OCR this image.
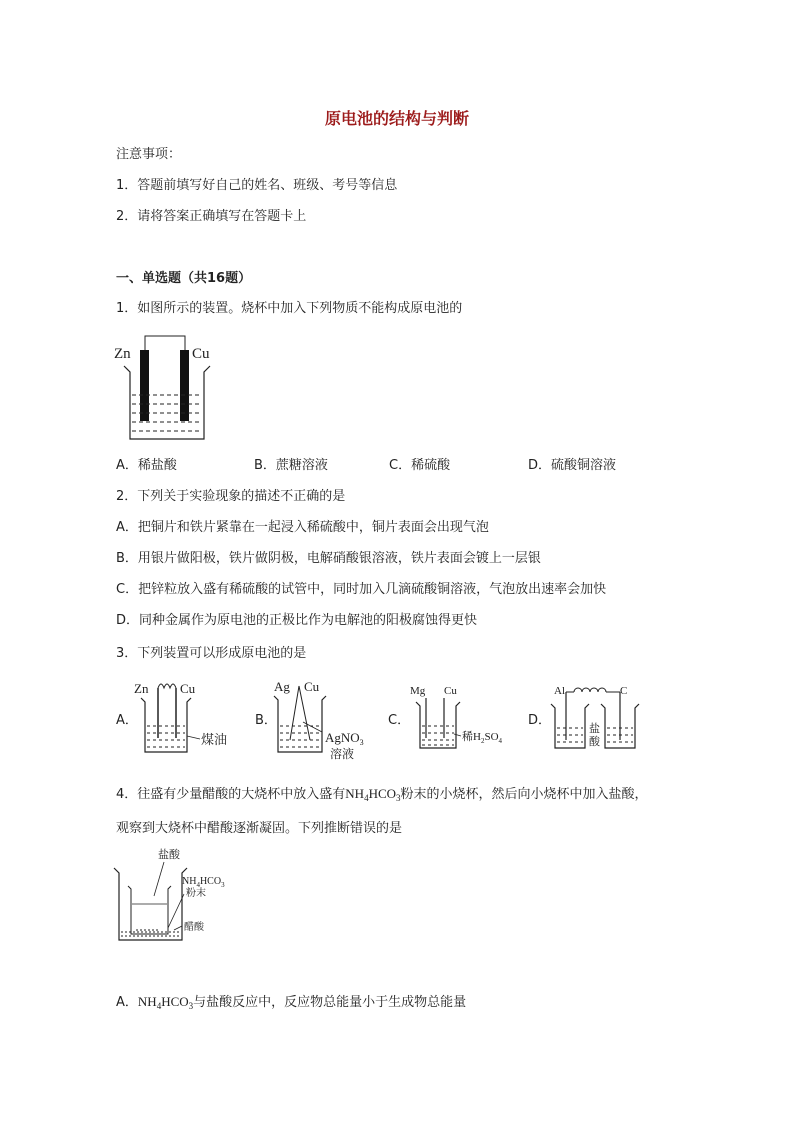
原电池的结构与判断
注意事项：
1．答题前填写好自己的姓名、班级、考号等信息
2．请将答案正确填写在答题卡上
一、单选题（共16题）
1．如图所示的装置。烧杯中加入下列物质不能构成原电池的
Zn	Cu
A．稀盐酸	B．蔗糖溶液	C．稀硫酸	D．硫酸铜溶液
2．下列关于实验现象的描述不正确的是
A．把铜片和铁片紧靠在一起浸入稀硫酸中，铜片表面会出现气泡
B．用银片做阳极，铁片做阴极，电解硝酸银溶液，铁片表面会镀上一层银
C．把锌粒放入盛有稀硫酸的试管中，同时加入几滴硫酸铜溶液，气泡放出速率会加快
D．同种金属作为原电池的正极比作为电解池的阳极腐蚀得更快
3．下列装置可以形成原电池的是
A．
Zn Cu
煤油
B．
Ag Cu
AgNO$_3$
溶液
C．
Mg Cu
稀$H_2SO_4$
D．
Al	C
盐
酸
4．往盛有少量醋酸的大烧杯中放入盛有$NH_4HCO_3$粉末的小烧杯，然后向小烧杯中加入盐酸，
观察到大烧杯中醋酸逐渐凝固。下列推断错误的是
盐酸
$NH_4HCO_3$
粉末
醋酸
A．$NH_4HCO_3$与盐酸反应中，反应物总能量小于生成物总能量
